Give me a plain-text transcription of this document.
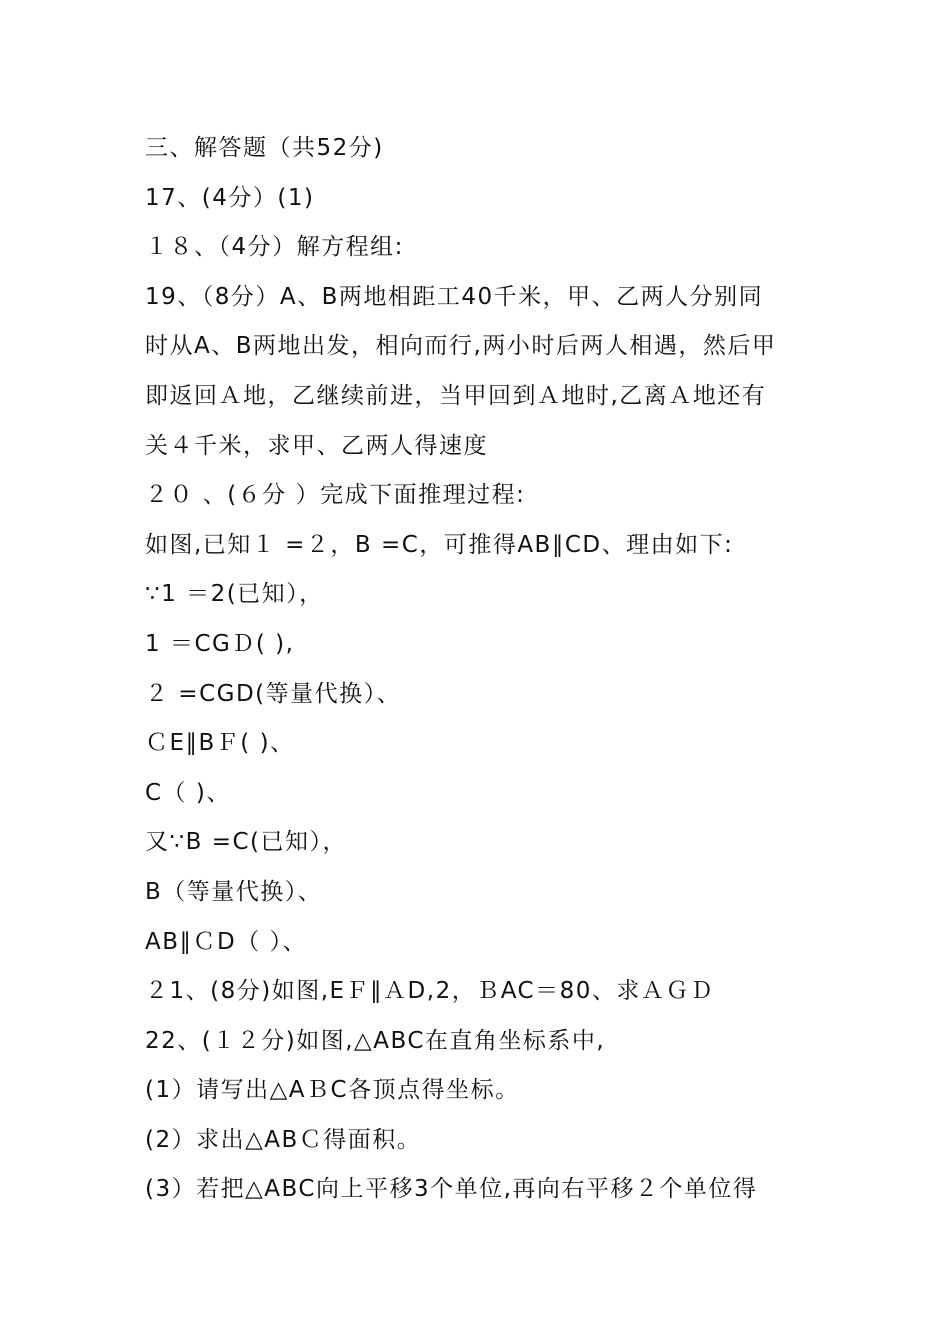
三、解答题（共52分)
17、(4分）(1)
１８、（4分）解方程组:
19、（8分）A、B两地相距工40千米，甲、乙两人分别同
时从A、B两地出发，相向而行,两小时后两人相遇，然后甲
即返回Ａ地，乙继续前进，当甲回到Ａ地时,乙离Ａ地还有
关４千米，求甲、乙两人得速度
２０ 、(６分 ）完成下面推理过程:
如图,已知１ =２，B =C，可推得AB∥CD、理由如下:
∵1 ＝2(已知），
1 ＝CGＤ( ),
２ =CGD(等量代换）、
ＣE∥BＦ( )、
C（ )、
又∵B =C(已知），
B（等量代换）、
AB∥ＣD（ ）、
２1、(8分)如图,EＦ∥ＡD,2，ＢAC＝80、求ＡＧＤ
22、(１２分)如图,△ABC在直角坐标系中,
(1）请写出△AＢC各顶点得坐标。
(2）求出△ABＣ得面积。
(3）若把△ABC向上平移3个单位,再向右平移２个单位得
